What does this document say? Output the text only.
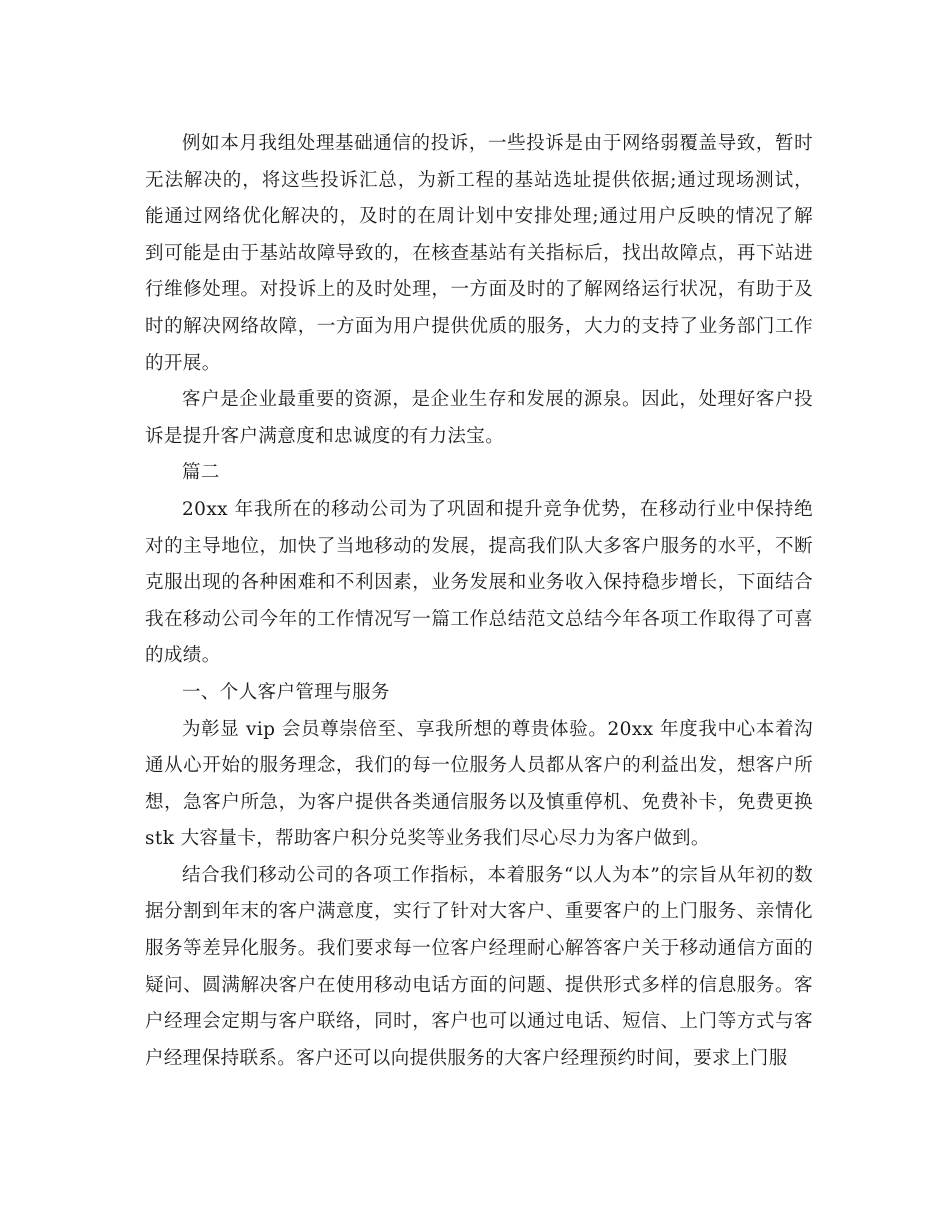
例如本月我组处理基础通信的投诉，一些投诉是由于网络弱覆盖导致，暂时无法解决的，将这些投诉汇总，为新工程的基站选址提供依据;通过现场测试，能通过网络优化解决的，及时的在周计划中安排处理;通过用户反映的情况了解到可能是由于基站故障导致的，在核查基站有关指标后，找出故障点，再下站进行维修处理。对投诉上的及时处理，一方面及时的了解网络运行状况，有助于及时的解决网络故障，一方面为用户提供优质的服务，大力的支持了业务部门工作的开展。

客户是企业最重要的资源，是企业生存和发展的源泉。因此，处理好客户投诉是提升客户满意度和忠诚度的有力法宝。

篇二

20xx 年我所在的移动公司为了巩固和提升竞争优势，在移动行业中保持绝对的主导地位，加快了当地移动的发展，提高我们队大多客户服务的水平，不断克服出现的各种困难和不利因素，业务发展和业务收入保持稳步增长，下面结合我在移动公司今年的工作情况写一篇工作总结范文总结今年各项工作取得了可喜的成绩。

一、个人客户管理与服务

为彰显 vip 会员尊崇倍至、享我所想的尊贵体验。20xx 年度我中心本着沟通从心开始的服务理念，我们的每一位服务人员都从客户的利益出发，想客户所想，急客户所急，为客户提供各类通信服务以及慎重停机、免费补卡，免费更换 stk 大容量卡，帮助客户积分兑奖等业务我们尽心尽力为客户做到。

结合我们移动公司的各项工作指标，本着服务“以人为本”的宗旨从年初的数据分割到年末的客户满意度，实行了针对大客户、重要客户的上门服务、亲情化服务等差异化服务。我们要求每一位客户经理耐心解答客户关于移动通信方面的疑问、圆满解决客户在使用移动电话方面的问题、提供形式多样的信息服务。客户经理会定期与客户联络，同时，客户也可以通过电话、短信、上门等方式与客户经理保持联系。客户还可以向提供服务的大客户经理预约时间，要求上门服
